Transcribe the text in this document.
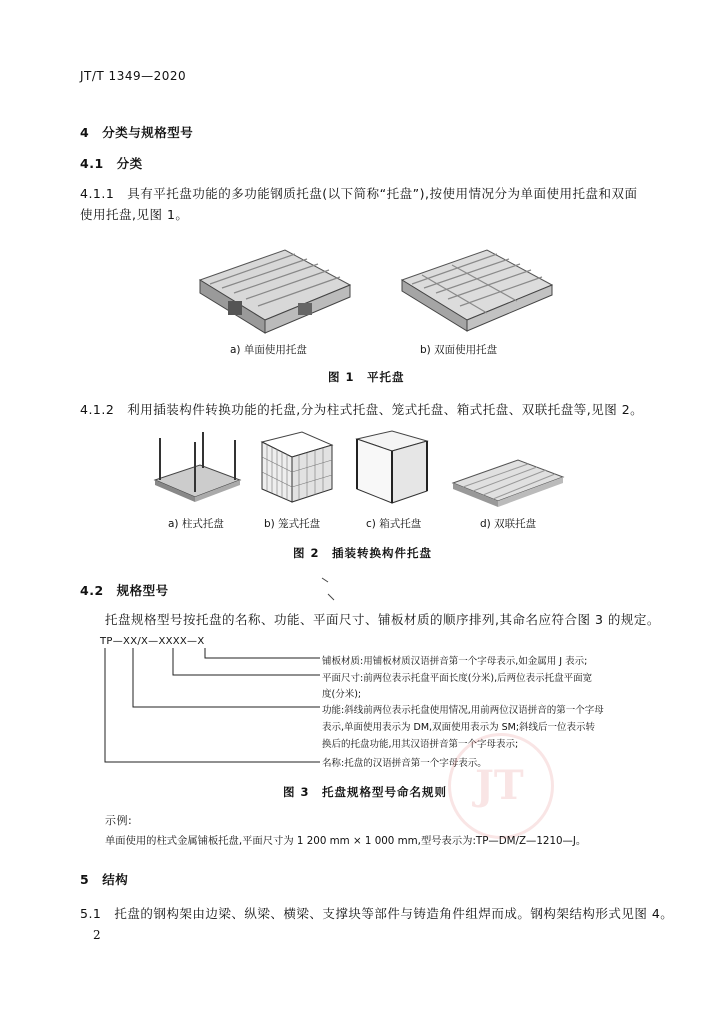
JT/T 1349—2020
4　分类与规格型号
4.1　分类
4.1.1　具有平托盘功能的多功能钢质托盘(以下简称“托盘”),按使用情况分为单面使用托盘和双面
使用托盘,见图 1。
a) 单面使用托盘	b) 双面使用托盘
图 1　平托盘
4.1.2　利用插装构件转换功能的托盘,分为柱式托盘、笼式托盘、箱式托盘、双联托盘等,见图 2。
a) 柱式托盘	b) 笼式托盘	c) 箱式托盘	d) 双联托盘
图 2　插装转换构件托盘
4.2　规格型号
托盘规格型号按托盘的名称、功能、平面尺寸、铺板材质的顺序排列,其命名应符合图 3 的规定。
TP—XX/X—XXXX—X
铺板材质:用铺板材质汉语拼音第一个字母表示,如金属用 J 表示;
平面尺寸:前两位表示托盘平面长度(分米),后两位表示托盘平面宽
度(分米);
功能:斜线前两位表示托盘使用情况,用前两位汉语拼音的第一个字母
表示,单面使用表示为 DM,双面使用表示为 SM;斜线后一位表示转
换后的托盘功能,用其汉语拼音第一个字母表示;
名称:托盘的汉语拼音第一个字母表示。
JT
图 3　托盘规格型号命名规则
示例:
单面使用的柱式金属铺板托盘,平面尺寸为 1 200 mm × 1 000 mm,型号表示为:TP—DM/Z—1210—J。
5　结构
5.1　托盘的钢构架由边梁、纵梁、横梁、支撑块等部件与铸造角件组焊而成。钢构架结构形式见图 4。
2
